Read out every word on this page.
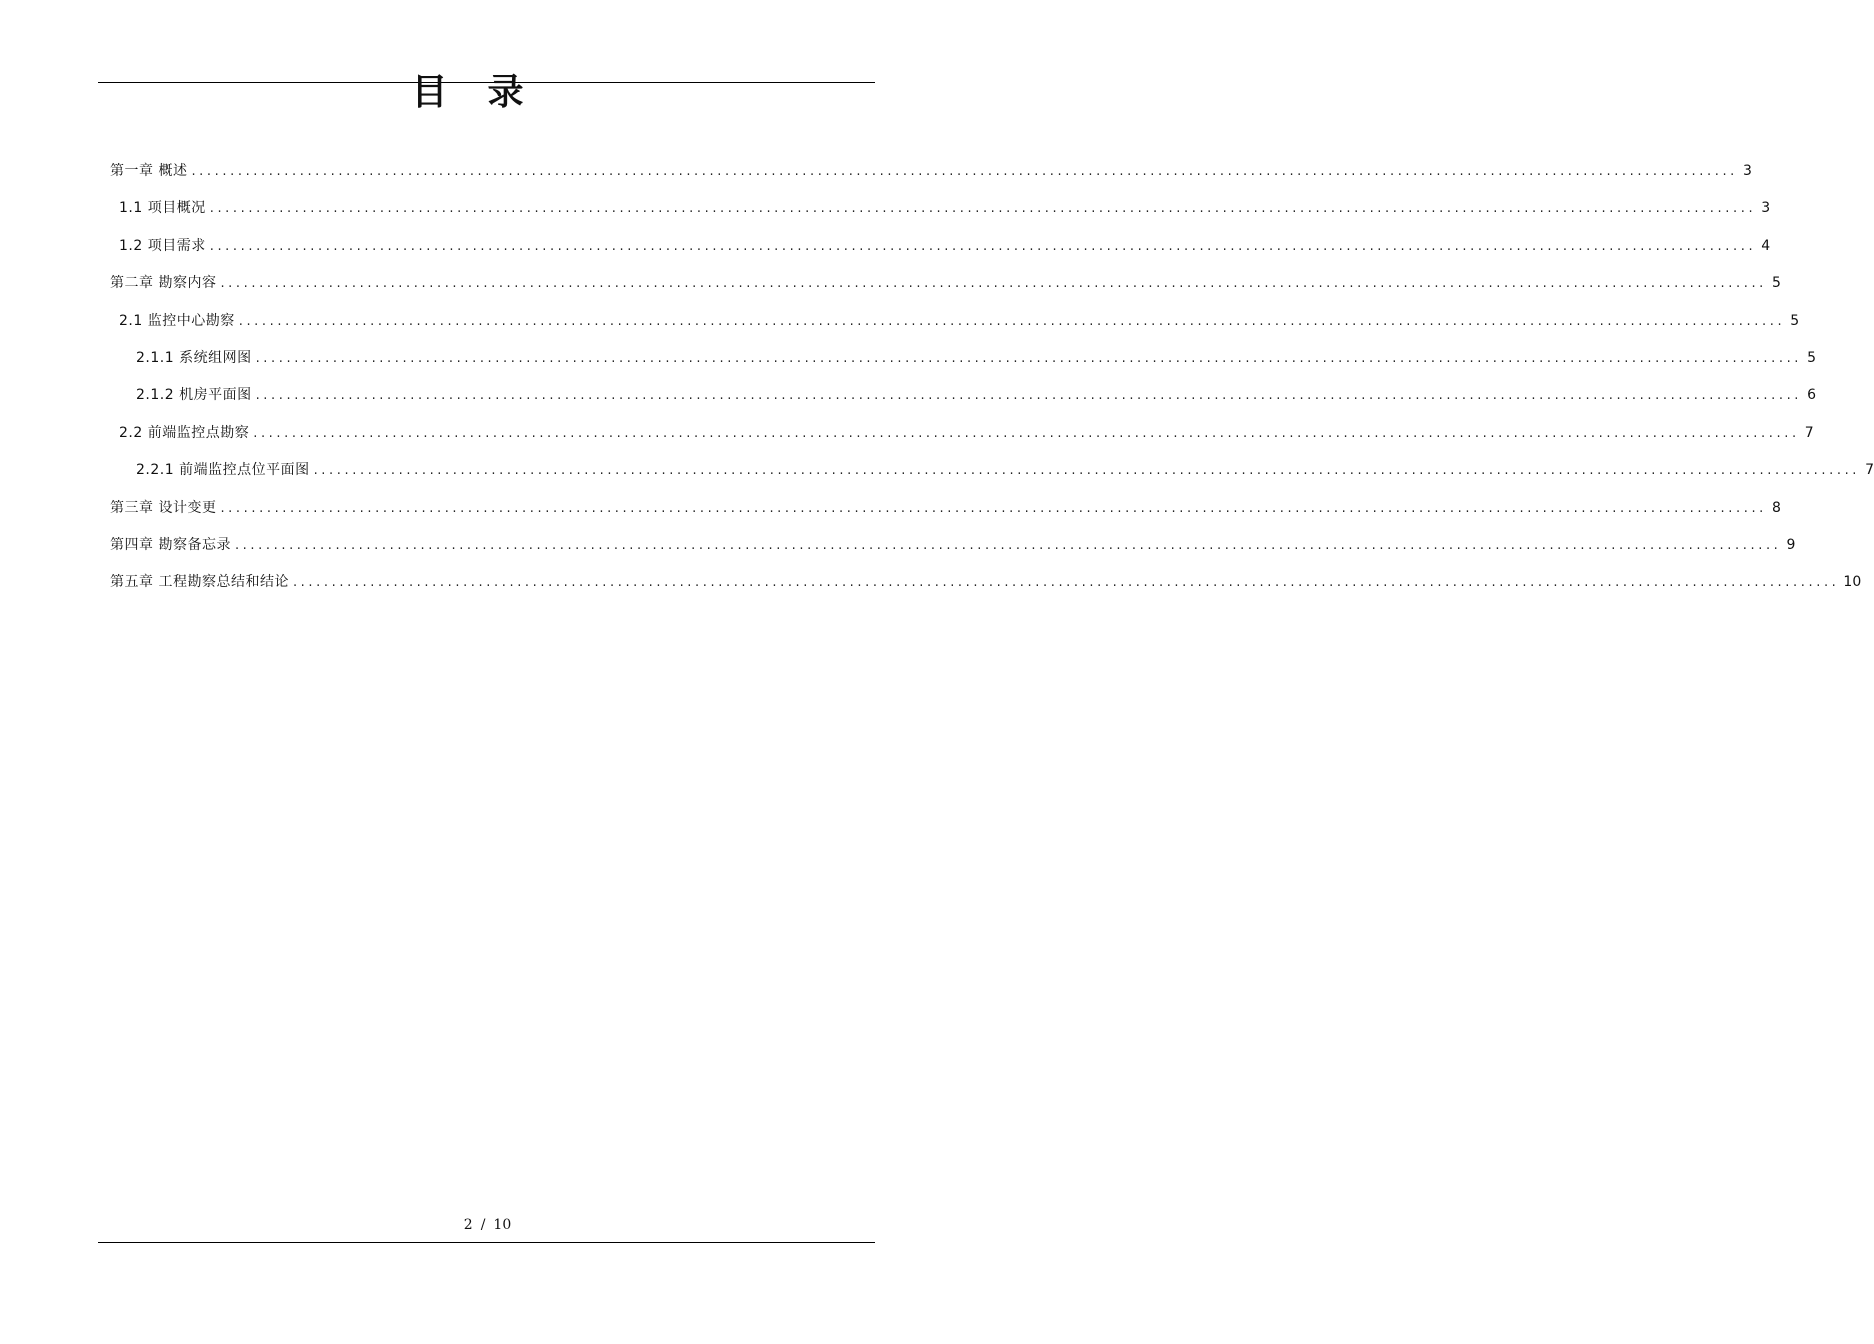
目录
第一章 概述 ........................................................................................................................................................................................................ 3
1.1 项目概况 ........................................................................................................................................................................................................ 3
1.2 项目需求 ........................................................................................................................................................................................................ 4
第二章 勘察内容 ........................................................................................................................................................................................................ 5
2.1 监控中心勘察 ........................................................................................................................................................................................................ 5
2.1.1 系统组网图 ........................................................................................................................................................................................................ 5
2.1.2 机房平面图 ........................................................................................................................................................................................................ 6
2.2 前端监控点勘察 ........................................................................................................................................................................................................ 7
2.2.1 前端监控点位平面图 ........................................................................................................................................................................................................ 7
第三章 设计变更 ........................................................................................................................................................................................................ 8
第四章 勘察备忘录 ........................................................................................................................................................................................................ 9
第五章 工程勘察总结和结论 ........................................................................................................................................................................................................ 10
2 / 10
